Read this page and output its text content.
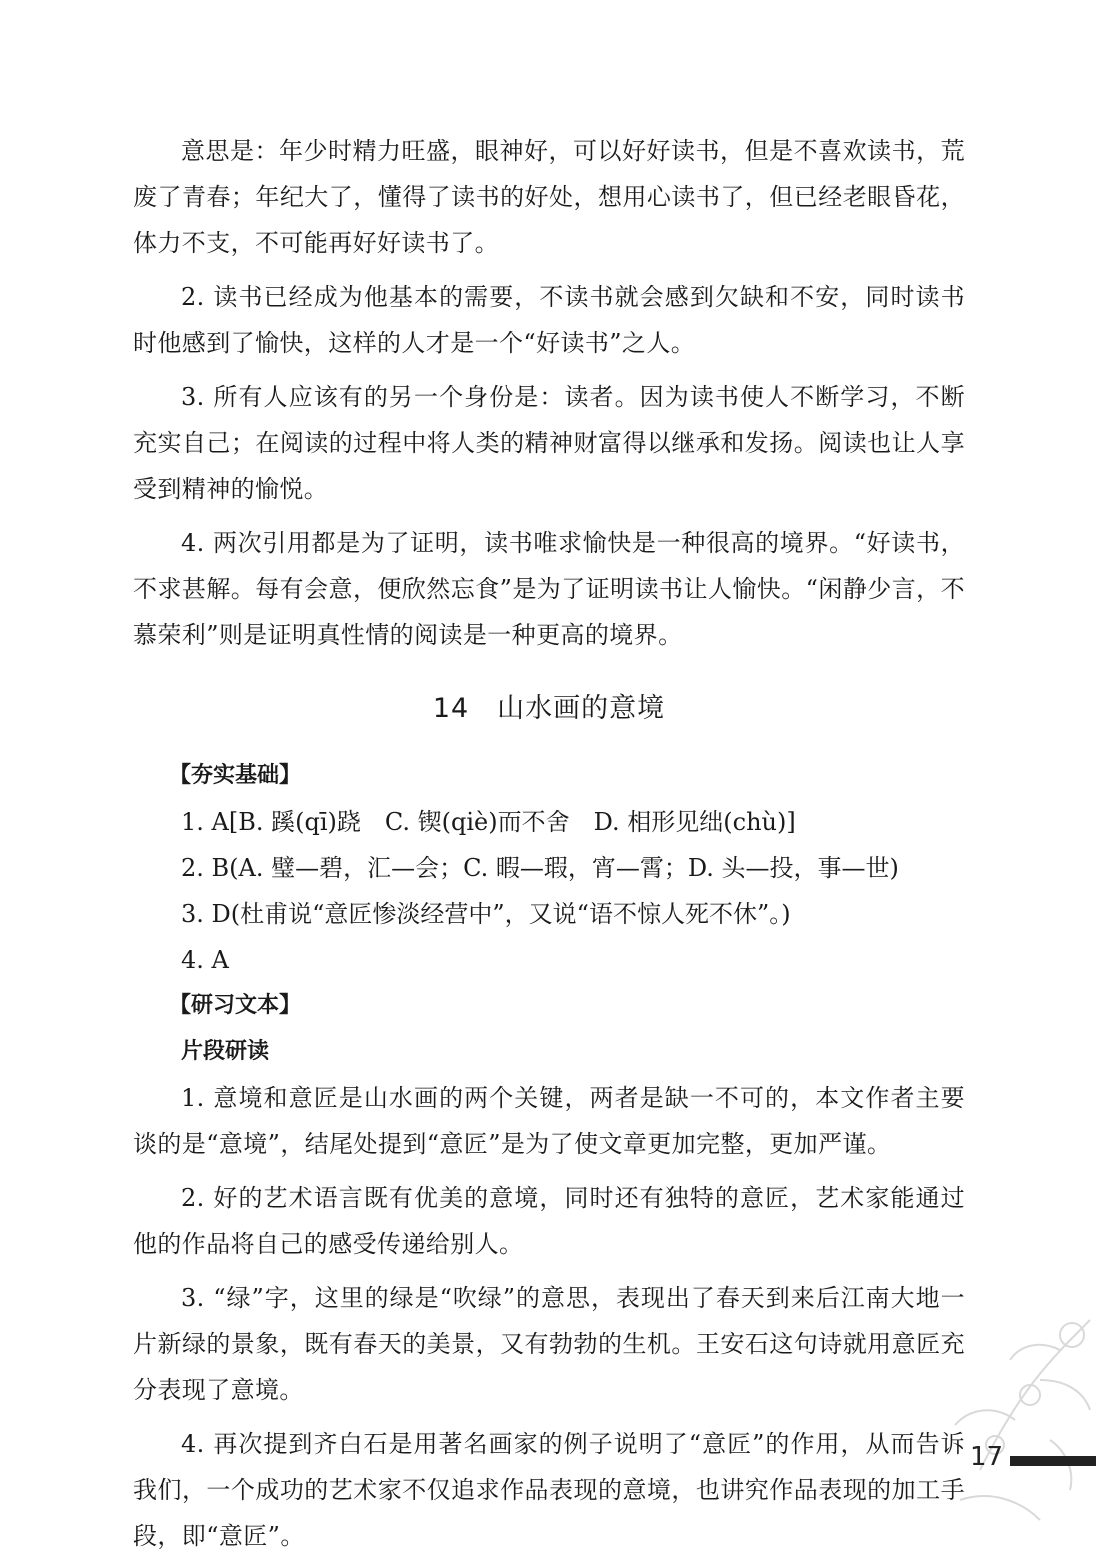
意思是：年少时精力旺盛，眼神好，可以好好读书，但是不喜欢读书，荒废了青春；年纪大了，懂得了读书的好处，想用心读书了，但已经老眼昏花，体力不支，不可能再好好读书了。

2. 读书已经成为他基本的需要，不读书就会感到欠缺和不安，同时读书时他感到了愉快，这样的人才是一个“好读书”之人。

3. 所有人应该有的另一个身份是：读者。因为读书使人不断学习，不断充实自己；在阅读的过程中将人类的精神财富得以继承和发扬。阅读也让人享受到精神的愉悦。

4. 两次引用都是为了证明，读书唯求愉快是一种很高的境界。“好读书，不求甚解。每有会意，便欣然忘食”是为了证明读书让人愉快。“闲静少言，不慕荣利”则是证明真性情的阅读是一种更高的境界。

14 山水画的意境
【夯实基础】

1. A[B. 蹊(qī)跷　C. 锲(qiè)而不舍　D. 相形见绌(chù)]

2. B(A. 璧—碧，汇—会；C. 暇—瑕，宵—霄；D. 头—投，事—世)

3. D(杜甫说“意匠惨淡经营中”，又说“语不惊人死不休”。)

4. A

【研习文本】
片段研读

1. 意境和意匠是山水画的两个关键，两者是缺一不可的，本文作者主要谈的是“意境”，结尾处提到“意匠”是为了使文章更加完整，更加严谨。

2. 好的艺术语言既有优美的意境，同时还有独特的意匠，艺术家能通过他的作品将自己的感受传递给别人。

3. “绿”字，这里的绿是“吹绿”的意思，表现出了春天到来后江南大地一片新绿的景象，既有春天的美景，又有勃勃的生机。王安石这句诗就用意匠充分表现了意境。

4. 再次提到齐白石是用著名画家的例子说明了“意匠”的作用，从而告诉我们，一个成功的艺术家不仅追求作品表现的意境，也讲究作品表现的加工手段，即“意匠”。

17
